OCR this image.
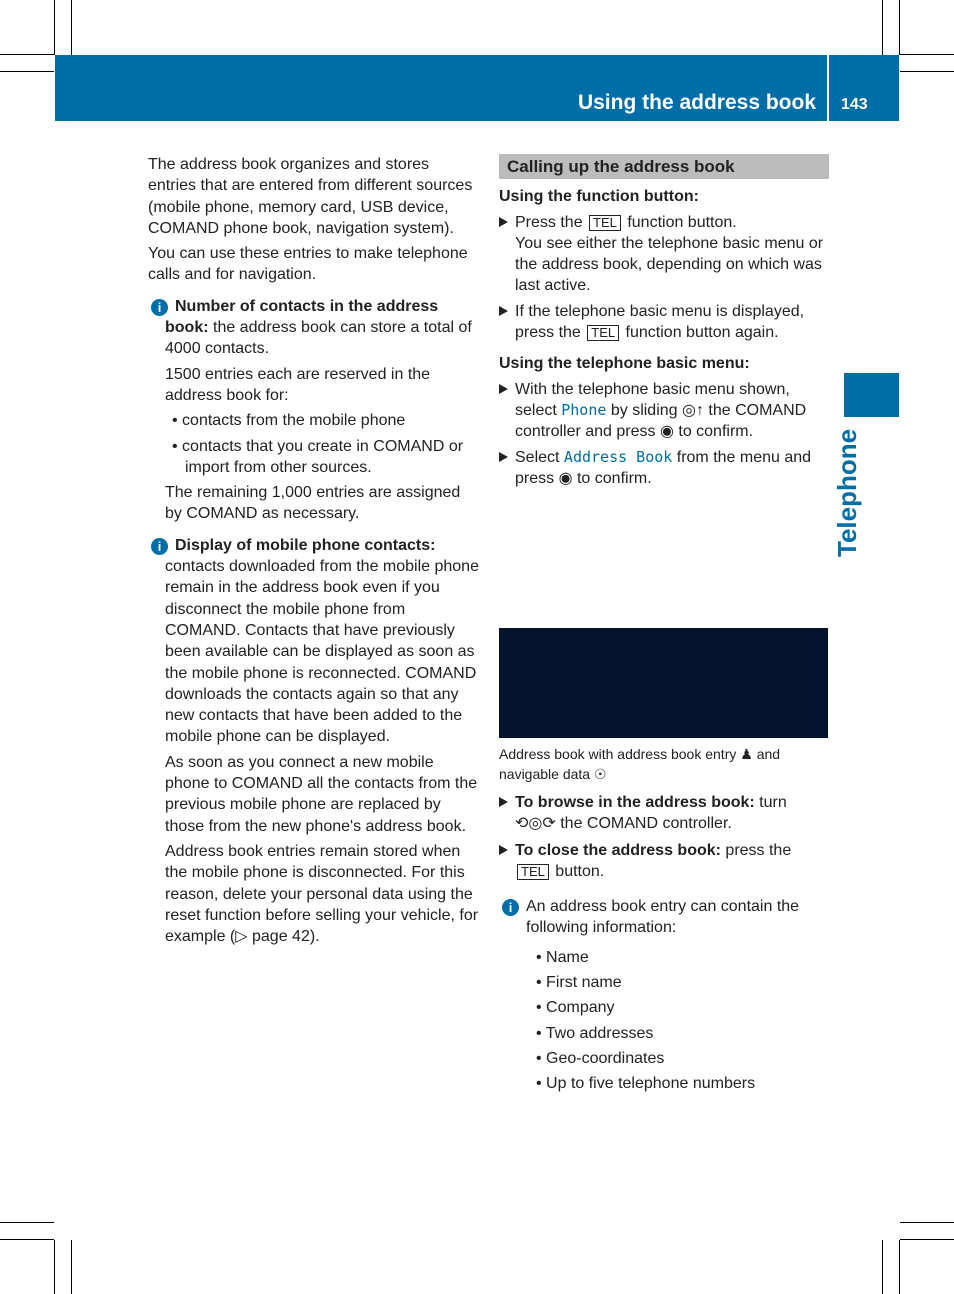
Using the address book 143
Telephone

The address book organizes and stores entries that are entered from different sources (mobile phone, memory card, USB device, COMAND phone book, navigation system).

You can use these entries to make telephone calls and for navigation.

i Number of contacts in the address book: the address book can store a total of 4000 contacts.

1500 entries each are reserved in the address book for:

• contacts from the mobile phone

• contacts that you create in COMAND or import from other sources.

The remaining 1,000 entries are assigned by COMAND as necessary.

i Display of mobile phone contacts: contacts downloaded from the mobile phone remain in the address book even if you disconnect the mobile phone from COMAND. Contacts that have previously been available can be displayed as soon as the mobile phone is reconnected. COMAND downloads the contacts again so that any new contacts that have been added to the mobile phone can be displayed.

As soon as you connect a new mobile phone to COMAND all the contacts from the previous mobile phone are replaced by those from the new phone's address book.

Address book entries remain stored when the mobile phone is disconnected. For this reason, delete your personal data using the reset function before selling your vehicle, for example (▷ page 42).

Calling up the address book

Using the function button:

Press the TEL function button.
You see either the telephone basic menu or the address book, depending on which was last active.
If the telephone basic menu is displayed, press the TEL function button again.

Using the telephone basic menu:

With the telephone basic menu shown, select Phone by sliding ◎↑ the COMAND controller and press ◉ to confirm.
Select Address Book from the menu and press ◉ to confirm.
Address book with address book entry ♟ and navigable data ☉
To browse in the address book: turn ⟲◎⟳ the COMAND controller.
To close the address book: press the TEL button.
i An address book entry can contain the following information:

• Name
• First name
• Company
• Two addresses
• Geo-coordinates
• Up to five telephone numbers
